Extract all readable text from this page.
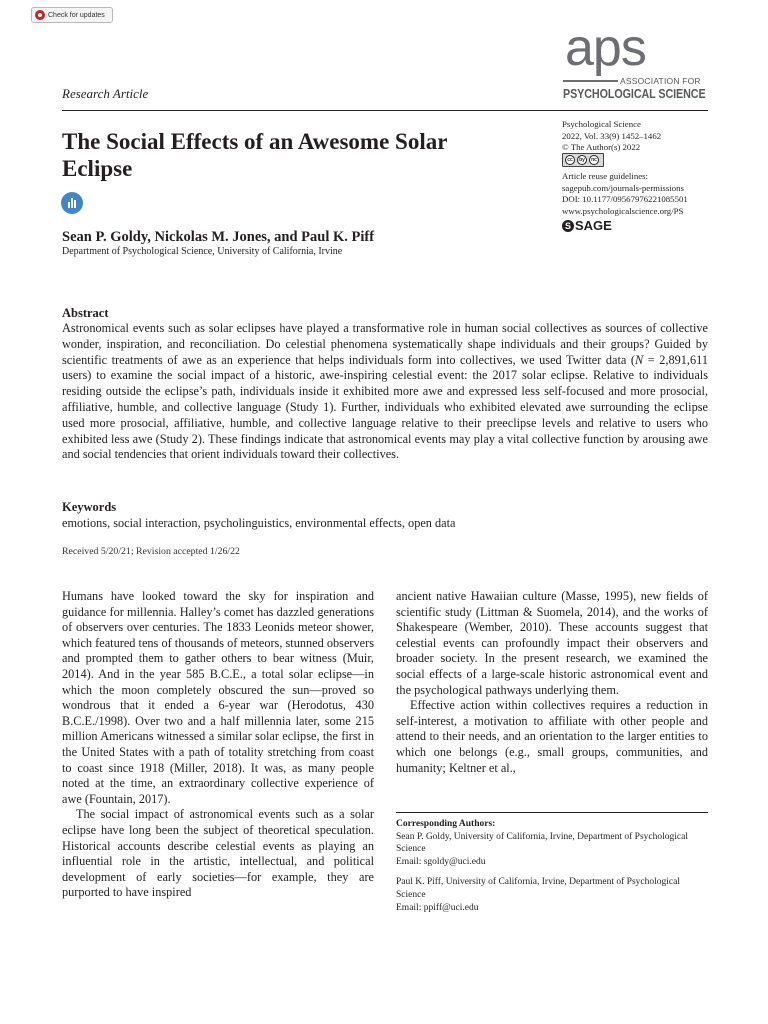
Check for updates
aps
ASSOCIATION FOR
PSYCHOLOGICAL SCIENCE
Research Article
The Social Effects of an Awesome Solar Eclipse
Sean P. Goldy, Nickolas M. Jones, and Paul K. Piff
Department of Psychological Science, University of California, Irvine
Psychological Science
2022, Vol. 33(9) 1452–1462
© The Author(s) 2022
cc	by	nc
Article reuse guidelines:
sagepub.com/journals-permissions
DOI: 10.1177/09567976221085501
www.psychologicalscience.org/PS
S SAGE
Abstract

Astronomical events such as solar eclipses have played a transformative role in human social collectives as sources of collective wonder, inspiration, and reconciliation. Do celestial phenomena systematically shape individuals and their groups? Guided by scientific treatments of awe as an experience that helps individuals form into collectives, we used Twitter data (N = 2,891,611 users) to examine the social impact of a historic, awe-inspiring celestial event: the 2017 solar eclipse. Relative to individuals residing outside the eclipse’s path, individuals inside it exhibited more awe and expressed less self-focused and more prosocial, affiliative, humble, and collective language (Study 1). Further, individuals who exhibited elevated awe surrounding the eclipse used more prosocial, affiliative, humble, and collective language relative to their preeclipse levels and relative to users who exhibited less awe (Study 2). These findings indicate that astronomical events may play a vital collective function by arousing awe and social tendencies that orient individuals toward their collectives.

Keywords
emotions, social interaction, psycholinguistics, environmental effects, open data
Received 5/20/21; Revision accepted 1/26/22

Humans have looked toward the sky for inspiration and guidance for millennia. Halley’s comet has dazzled generations of observers over centuries. The 1833 Leonids meteor shower, which featured tens of thousands of meteors, stunned observers and prompted them to gather others to bear witness (Muir, 2014). And in the year 585 B.C.E., a total solar eclipse—in which the moon completely obscured the sun—proved so wondrous that it ended a 6-year war (Herodotus, 430 B.C.E./1998). Over two and a half millennia later, some 215 million Americans witnessed a similar solar eclipse, the first in the United States with a path of totality stretching from coast to coast since 1918 (Miller, 2018). It was, as many people noted at the time, an extraordinary collective experience of awe (Fountain, 2017).

The social impact of astronomical events such as a solar eclipse have long been the subject of theoretical speculation. Historical accounts describe celestial events as playing an influential role in the artistic, intellectual, and political development of early societies—for example, they are purported to have inspired

ancient native Hawaiian culture (Masse, 1995), new fields of scientific study (Littman & Suomela, 2014), and the works of Shakespeare (Wember, 2010). These accounts suggest that celestial events can profoundly impact their observers and broader society. In the present research, we examined the social effects of a large-scale historic astronomical event and the psychological pathways underlying them.

Effective action within collectives requires a reduction in self-interest, a motivation to affiliate with other people and attend to their needs, and an orientation to the larger entities to which one belongs (e.g., small groups, communities, and humanity; Keltner et al.,

Corresponding Authors:
Sean P. Goldy, University of California, Irvine, Department of Psychological Science
Email: sgoldy@uci.edu
Paul K. Piff, University of California, Irvine, Department of Psychological Science
Email: ppiff@uci.edu
